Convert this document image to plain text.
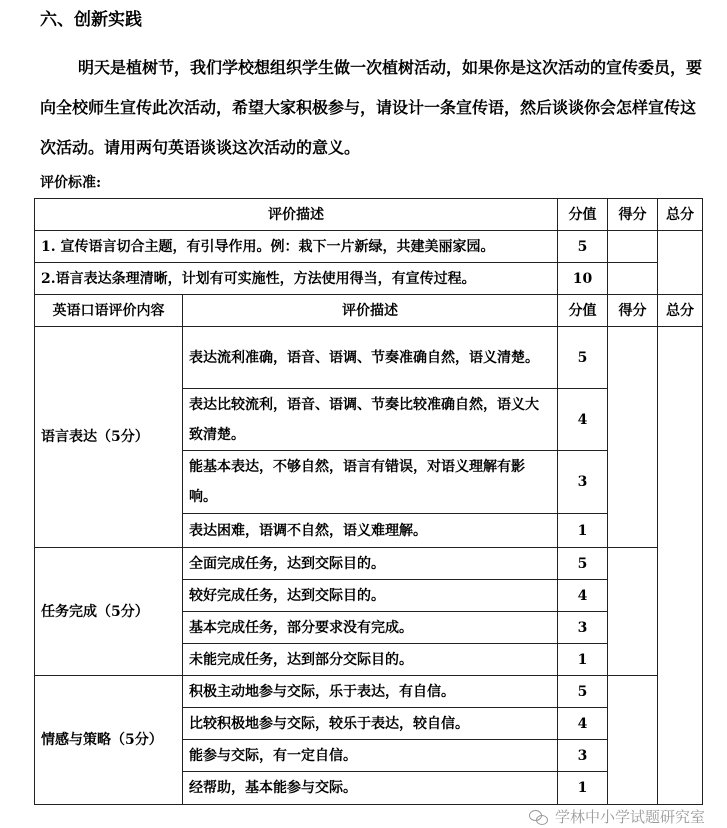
六、创新实践
明天是植树节，我们学校想组织学生做一次植树活动，如果你是这次活动的宣传委员，要向全校师生宣传此次活动，希望大家积极参与，请设计一条宣传语，然后谈谈你会怎样宣传这次活动。请用两句英语谈谈这次活动的意义。
评价标准:
评价描述		分值	得分	总分
1. 宣传语言切合主题，有引导作用。例：栽下一片新绿，共建美丽家园。		5		
2.语言表达条理清晰，计划有可实施性，方法使用得当，有宣传过程。		10		
英语口语评价内容	评价描述	分值	得分	总分
语言表达（5分）	表达流利准确，语音、语调、节奏准确自然，语义清楚。	5		
	表达比较流利，语音、语调、节奏比较准确自然，语义大致清楚。	4		
	能基本表达，不够自然，语言有错误，对语义理解有影响。	3		
	表达困难，语调不自然，语义难理解。	1		
任务完成（5分）	全面完成任务，达到交际目的。	5		
	较好完成任务，达到交际目的。	4		
	基本完成任务，部分要求没有完成。	3		
	未能完成任务，达到部分交际目的。	1		
情感与策略（5分）	积极主动地参与交际，乐于表达，有自信。	5		
	比较积极地参与交际，较乐于表达，较自信。	4		
	能参与交际，有一定自信。	3		
	经帮助，基本能参与交际。	1		
学林中小学试题研究室
